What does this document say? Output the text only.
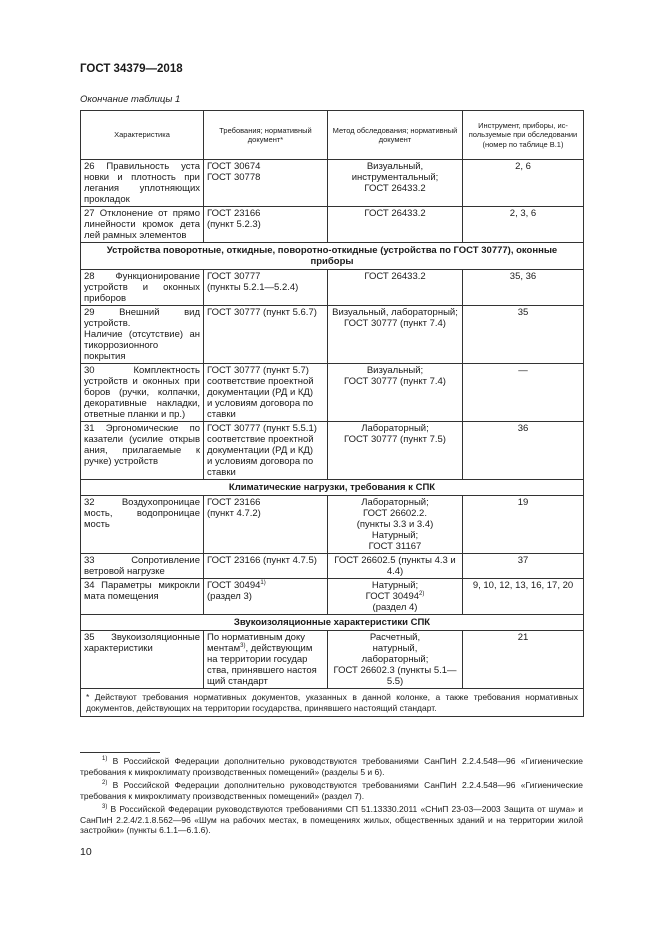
ГОСТ 34379—2018
Окончание таблицы 1
Характеристика	Требования; нормативный документ*	Метод обследования; нормативный документ	Инструмент, приборы, используемые при обследовании (номер по таблице В.1)

26 Правильность уста
новки и плотность при
легания уплотняющих
прокладок	ГОСТ 30674
ГОСТ 30778	Визуальный,
инструментальный;
ГОСТ 26433.2	2, 6

27 Отклонение от прямо
линейности кромок дета
лей рамных элементов	ГОСТ 23166
(пункт 5.2.3)	ГОСТ 26433.2	2, 3, 6
Устройства поворотные, откидные, поворотно-откидные (устройства по ГОСТ 30777), оконные приборы			

28 Функционирование
устройств и оконных
приборов	ГОСТ 30777
(пункты 5.2.1—5.2.4)	ГОСТ 26433.2	35, 36

29 Внешний вид устройств.
Наличие (отсутствие) ан
тикоррозионного покрытия	ГОСТ 30777 (пункт 5.6.7)	Визуальный, лабораторный;
ГОСТ 30777 (пункт 7.4)	35

30 Комплектность
устройств и оконных при
боров (ручки, колпачки,
декоративные накладки,
ответные планки и пр.)	ГОСТ 30777 (пункт 5.7)
соответствие проектной
документации (РД и КД)
и условиям договора по
ставки	Визуальный;
ГОСТ 30777 (пункт 7.4)	—

31 Эргономические по
казатели (усилие открыв
ания, прилагаемые к
ручке) устройств	ГОСТ 30777 (пункт 5.5.1)
соответствие проектной
документации (РД и КД)
и условиям договора по
ставки	Лабораторный;
ГОСТ 30777 (пункт 7.5)	36
Климатические нагрузки, требования к СПК			

32 Воздухопроницае
мость, водопроницае
мость	ГОСТ 23166
(пункт 4.7.2)	Лабораторный;
ГОСТ 26602.2.
(пункты 3.3 и 3.4)
Натурный;
ГОСТ 31167	19

33 Сопротивление
ветровой нагрузке	ГОСТ 23166 (пункт 4.7.5)	ГОСТ 26602.5 (пункты 4.3 и
4.4)	37

34 Параметры микрокли
мата помещения	ГОСТ 30494$^{1)}$
(раздел 3)	Натурный;
ГОСТ 30494$^{2)}$
(раздел 4)	9, 10, 12, 13, 16, 17, 20
Звукоизоляционные характеристики СПК			

35 Звукоизоляционные
характеристики	По нормативным доку
ментам$^{3)}$, действующим
на территории государ
ства, принявшего настоя
щий стандарт	Расчетный,
натурный,
лабораторный;
ГОСТ 26602.3 (пункты 5.1—
5.5)	21
* Действуют требования нормативных документов, указанных в данной колонке, а также требования нормативных документов, действующих на территории государства, принявшего настоящий стандарт.			

$^{1)}$ В Российской Федерации дополнительно руководствуются требованиями СанПиН 2.2.4.548—96 «Гигиенические требования к микроклимату производственных помещений» (разделы 5 и 6).

$^{2)}$ В Российской Федерации дополнительно руководствуются требованиями СанПиН 2.2.4.548—96 «Гигиенические требования к микроклимату производственных помещений» (раздел 7).

$^{3)}$ В Российской Федерации руководствуются требованиями СП 51.13330.2011 «СНиП 23-03—2003 Защита от шума» и СанПиН 2.2.4/2.1.8.562—96 «Шум на рабочих местах, в помещениях жилых, общественных зданий и на территории жилой застройки» (пункты 6.1.1—6.1.6).

10
